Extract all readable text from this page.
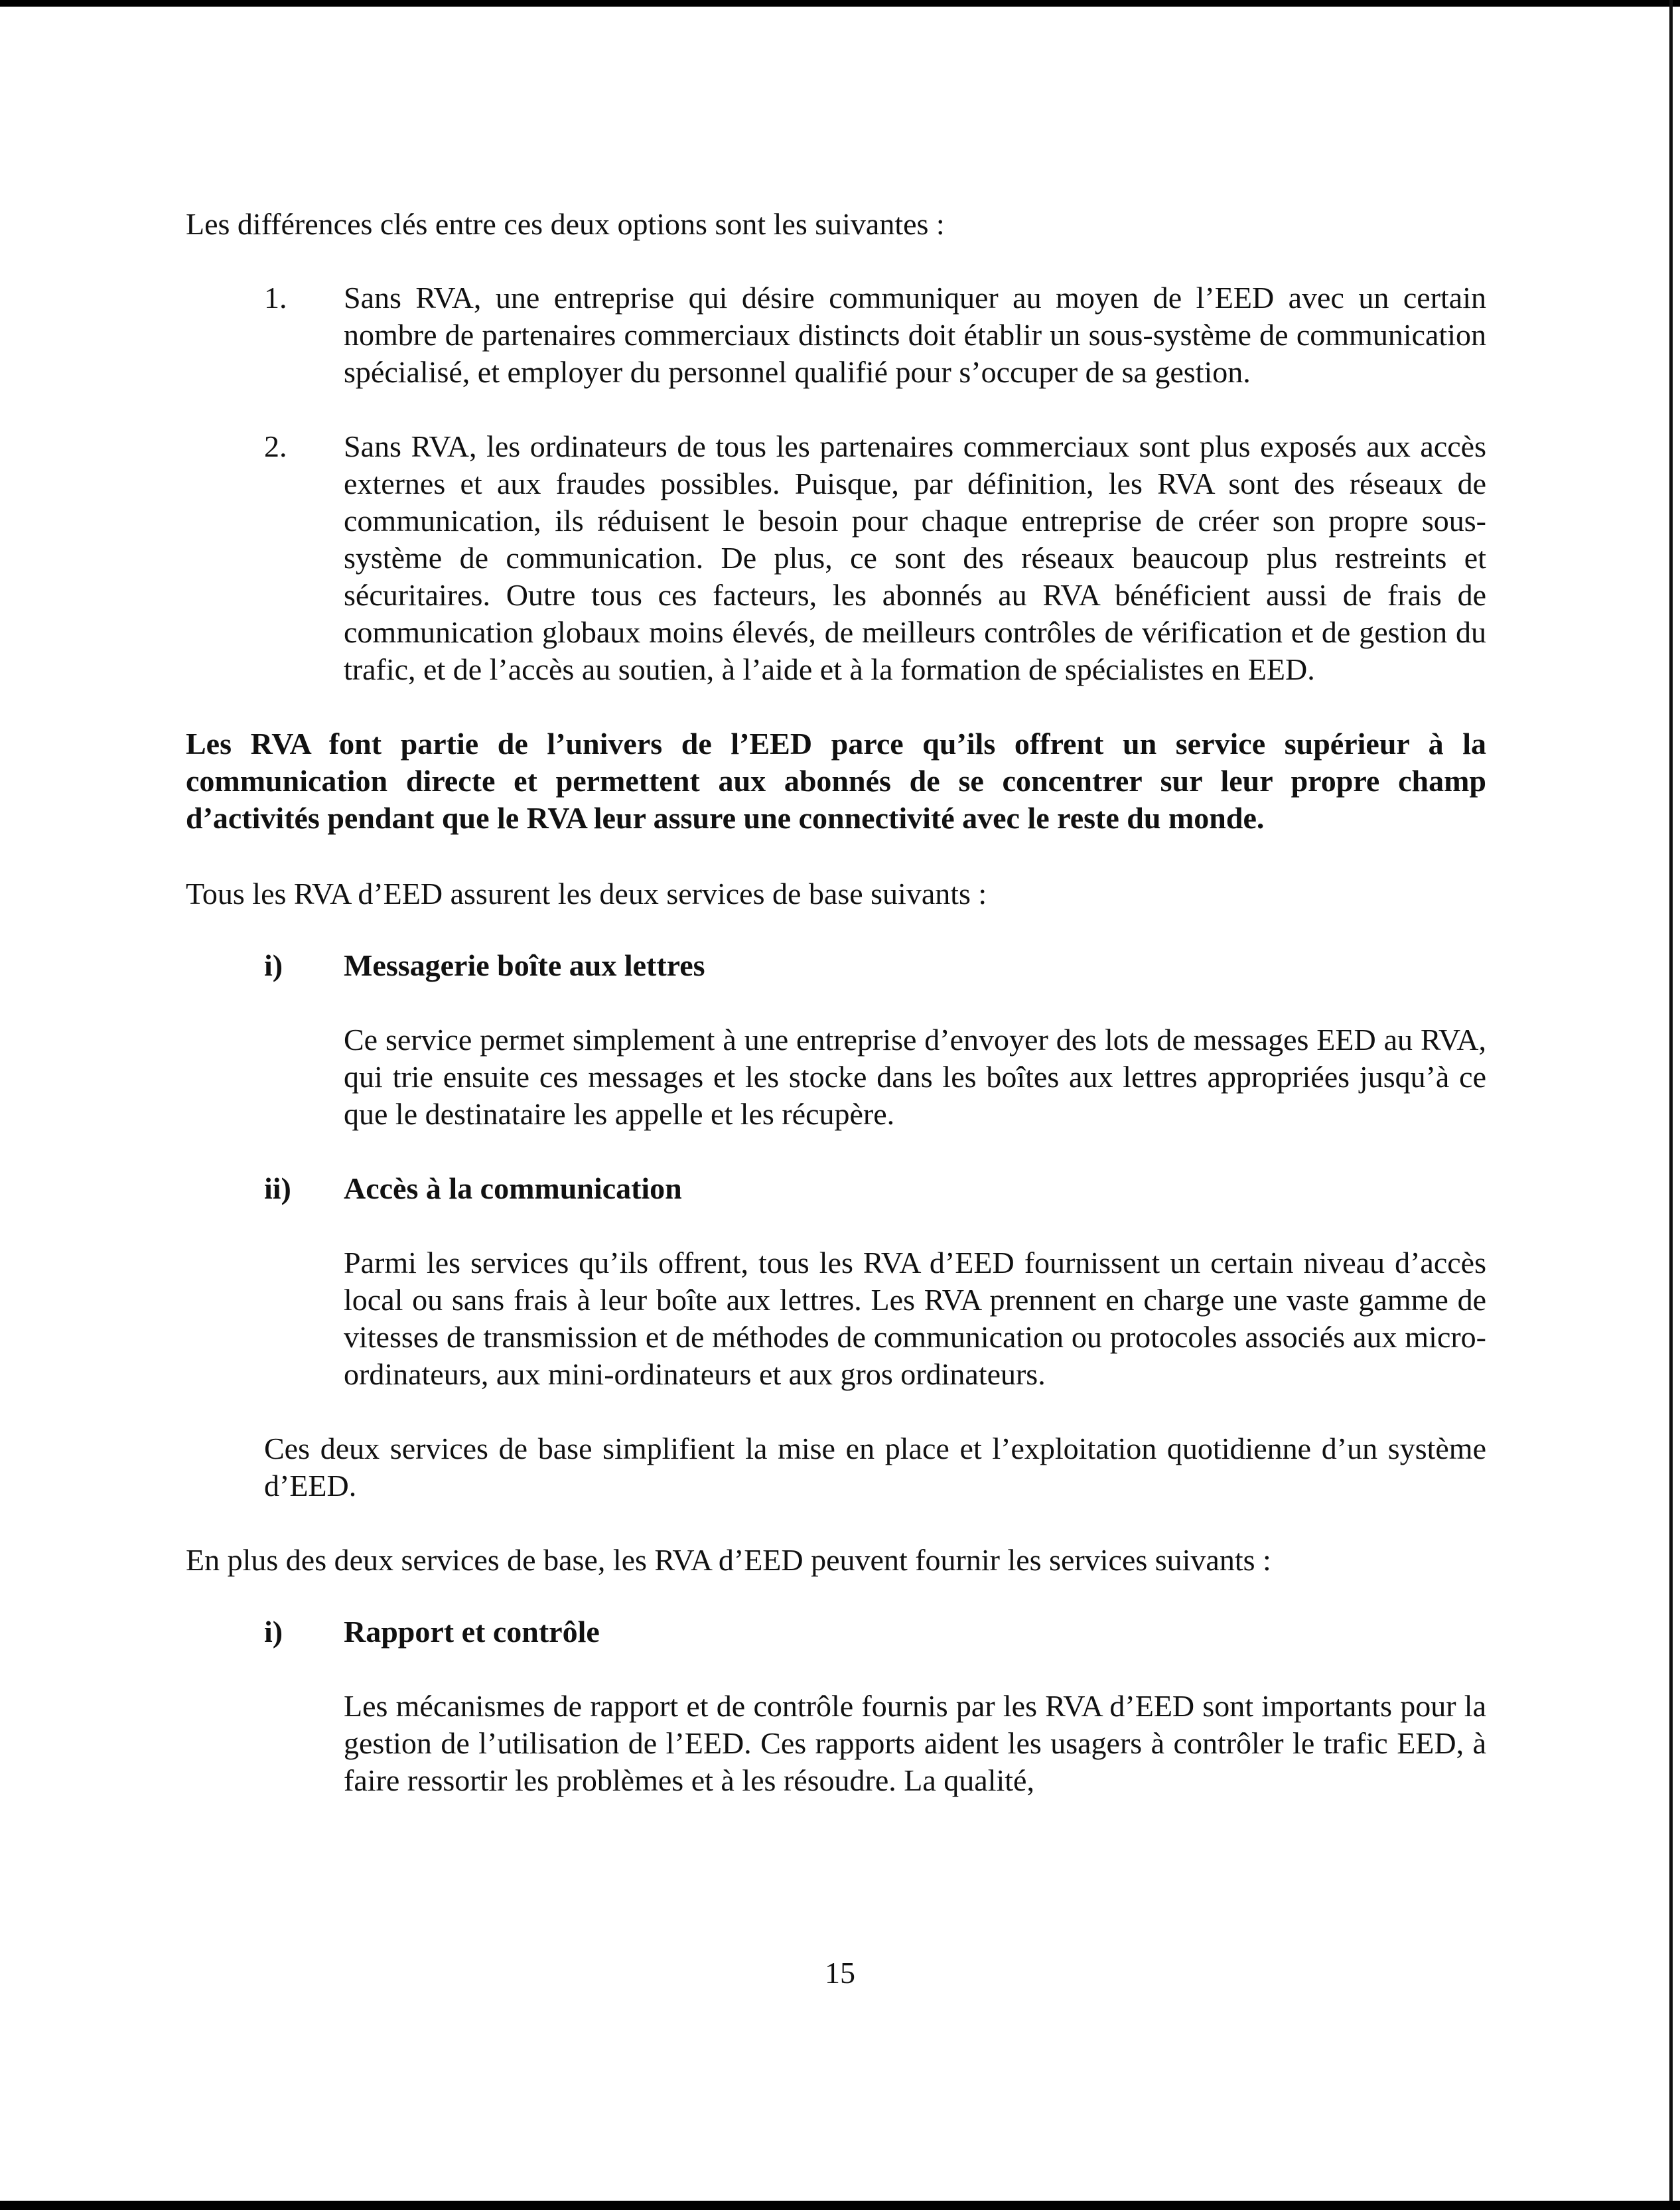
Les différences clés entre ces deux options sont les suivantes :

1.	Sans RVA, une entreprise qui désire communiquer au moyen de l’EED avec un certain nombre de partenaires commerciaux distincts doit établir un sous-système de communication spécialisé, et employer du personnel qualifié pour s’occuper de sa gestion.

2.	Sans RVA, les ordinateurs de tous les partenaires commerciaux sont plus exposés aux accès externes et aux fraudes possibles. Puisque, par définition, les RVA sont des réseaux de communication, ils réduisent le besoin pour chaque entreprise de créer son propre sous-système de communication. De plus, ce sont des réseaux beaucoup plus restreints et sécuritaires. Outre tous ces facteurs, les abonnés au RVA bénéficient aussi de frais de communication globaux moins élevés, de meilleurs contrôles de vérification et de gestion du trafic, et de l’accès au soutien, à l’aide et à la formation de spécialistes en EED.

Les RVA font partie de l’univers de l’EED parce qu’ils offrent un service supérieur à la communication directe et permettent aux abonnés de se concentrer sur leur propre champ d’activités pendant que le RVA leur assure une connectivité avec le reste du monde.

Tous les RVA d’EED assurent les deux services de base suivants :

i)	Messagerie boîte aux lettres

Ce service permet simplement à une entreprise d’envoyer des lots de messages EED au RVA, qui trie ensuite ces messages et les stocke dans les boîtes aux lettres appropriées jusqu’à ce que le destinataire les appelle et les récupère.

ii)	Accès à la communication

Parmi les services qu’ils offrent, tous les RVA d’EED fournissent un certain niveau d’accès local ou sans frais à leur boîte aux lettres. Les RVA prennent en charge une vaste gamme de vitesses de transmission et de méthodes de communication ou protocoles associés aux micro-ordinateurs, aux mini-ordinateurs et aux gros ordinateurs.

Ces deux services de base simplifient la mise en place et l’exploitation quotidienne d’un système d’EED.

En plus des deux services de base, les RVA d’EED peuvent fournir les services suivants :

i)	Rapport et contrôle

Les mécanismes de rapport et de contrôle fournis par les RVA d’EED sont importants pour la gestion de l’utilisation de l’EED. Ces rapports aident les usagers à contrôler le trafic EED, à faire ressortir les problèmes et à les résoudre. La qualité,

15
